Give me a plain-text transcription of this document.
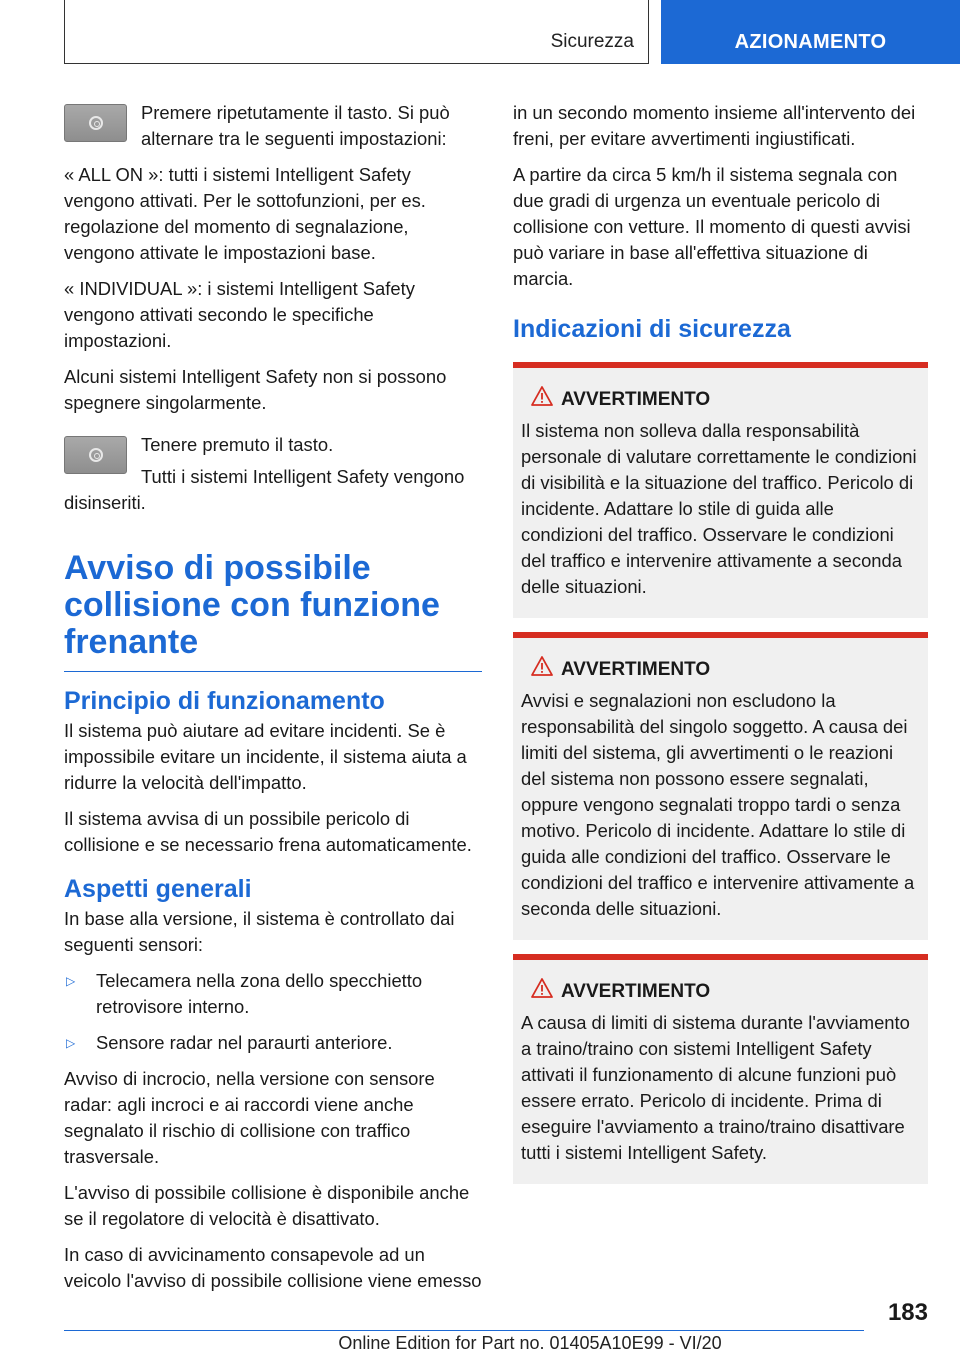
Sicurezza	AZIONAMENTO

Premere ripetutamente il tasto. Si può alternare tra le seguenti impostazioni:

« ALL ON »: tutti i sistemi Intelligent Safety vengono attivati. Per le sottofunzioni, per es. regolazione del momento di segnalazione, vengono attivate le impostazioni base.

« INDIVIDUAL »: i sistemi Intelligent Safety vengono attivati secondo le specifiche impostazioni.

Alcuni sistemi Intelligent Safety non si possono spegnere singolarmente.

Tenere premuto il tasto.

Tutti i sistemi Intelligent Safety vengono disinseriti.

Avviso di possibile collisione con funzione frenante
Principio di funzionamento

Il sistema può aiutare ad evitare incidenti. Se è impossibile evitare un incidente, il sistema aiuta a ridurre la velocità dell'impatto.

Il sistema avvisa di un possibile pericolo di collisione e se necessario frena automaticamente.

Aspetti generali

In base alla versione, il sistema è controllato dai seguenti sensori:

▷	Telecamera nella zona dello specchietto retrovisore interno.
▷	Sensore radar nel paraurti anteriore.

Avviso di incrocio, nella versione con sensore radar: agli incroci e ai raccordi viene anche segnalato il rischio di collisione con traffico trasversale.

L'avviso di possibile collisione è disponibile anche se il regolatore di velocità è disattivato.

In caso di avvicinamento consapevole ad un veicolo l'avviso di possibile collisione viene emesso

in un secondo momento insieme all'intervento dei freni, per evitare avvertimenti ingiustificati.

A partire da circa 5 km/h il sistema segnala con due gradi di urgenza un eventuale pericolo di collisione con vetture. Il momento di questi avvisi può variare in base all'effettiva situazione di marcia.

Indicazioni di sicurezza
AVVERTIMENTO

Il sistema non solleva dalla responsabilità personale di valutare correttamente le condizioni di visibilità e la situazione del traffico. Pericolo di incidente. Adattare lo stile di guida alle condizioni del traffico. Osservare le condizioni del traffico e intervenire attivamente a seconda delle situazioni.

AVVERTIMENTO

Avvisi e segnalazioni non escludono la responsabilità del singolo soggetto. A causa dei limiti del sistema, gli avvertimenti o le reazioni del sistema non possono essere segnalati, oppure vengono segnalati troppo tardi o senza motivo. Pericolo di incidente. Adattare lo stile di guida alle condizioni del traffico. Osservare le condizioni del traffico e intervenire attivamente a seconda delle situazioni.

AVVERTIMENTO

A causa di limiti di sistema durante l'avviamento a traino/traino con sistemi Intelligent Safety attivati il funzionamento di alcune funzioni può essere errato. Pericolo di incidente. Prima di eseguire l'avviamento a traino/traino disattivare tutti i sistemi Intelligent Safety.

183
Online Edition for Part no. 01405A10E99 - VI/20
